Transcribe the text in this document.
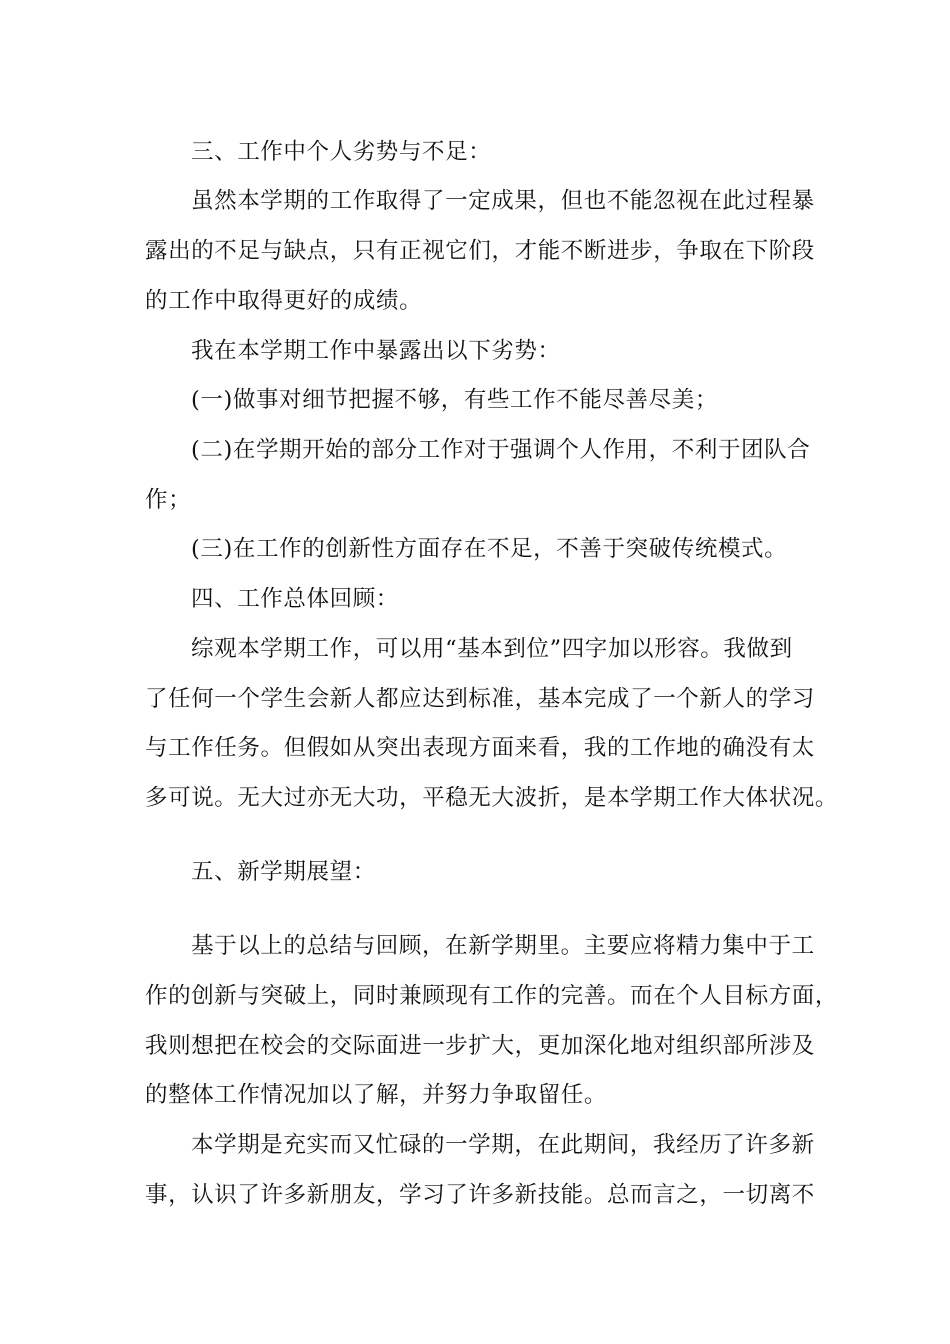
三、工作中个人劣势与不足：

虽然本学期的工作取得了一定成果，但也不能忽视在此过程暴

露出的不足与缺点，只有正视它们，才能不断进步，争取在下阶段

的工作中取得更好的成绩。

我在本学期工作中暴露出以下劣势：

(一)做事对细节把握不够，有些工作不能尽善尽美；

(二)在学期开始的部分工作对于强调个人作用，不利于团队合

作；

(三)在工作的创新性方面存在不足，不善于突破传统模式。

四、工作总体回顾：

综观本学期工作，可以用“基本到位”四字加以形容。我做到

了任何一个学生会新人都应达到标准，基本完成了一个新人的学习

与工作任务。但假如从突出表现方面来看，我的工作地的确没有太

多可说。无大过亦无大功，平稳无大波折，是本学期工作大体状况。

五、新学期展望：

基于以上的总结与回顾，在新学期里。主要应将精力集中于工

作的创新与突破上，同时兼顾现有工作的完善。而在个人目标方面，

我则想把在校会的交际面进一步扩大，更加深化地对组织部所涉及

的整体工作情况加以了解，并努力争取留任。

本学期是充实而又忙碌的一学期，在此期间，我经历了许多新

事，认识了许多新朋友，学习了许多新技能。总而言之，一切离不
